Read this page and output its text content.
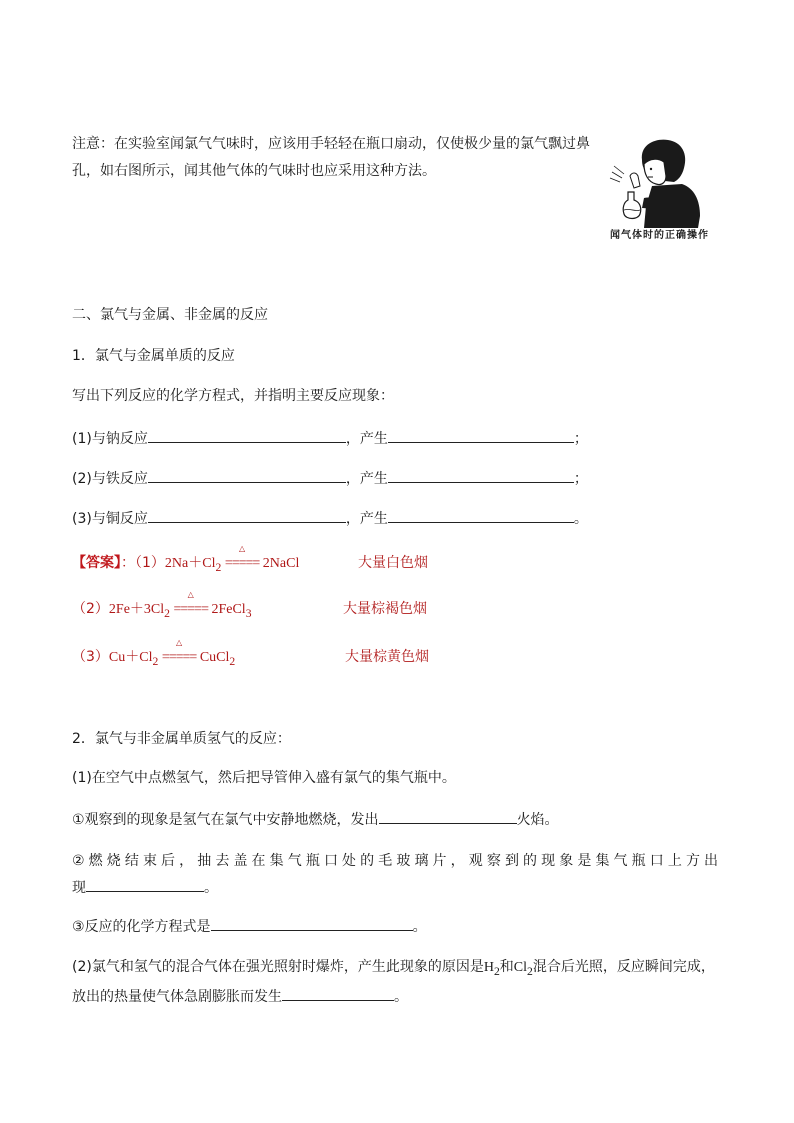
注意：在实验室闻氯气气味时，应该用手轻轻在瓶口扇动，仅使极少量的氯气飘过鼻孔，如右图所示，闻其他气体的气味时也应采用这种方法。
闻气体时的正确操作
二、氯气与金属、非金属的反应
1．氯气与金属单质的反应
写出下列反应的化学方程式，并指明主要反应现象：
(1)与钠反应	，产生	；
(2)与铁反应	，产生	；
(3)与铜反应	，产生	。
【答案】：$(1)2Na+Cl_2$
△
===== 2NaCl	大量白色烟
$(2)2Fe+3Cl_2$
△
===== 2FeCl$_3$	大量棕褐色烟
$(3)Cu+Cl_2$
△
===== CuCl$_2$	大量棕黄色烟
2．氯气与非金属单质氢气的反应：
(1)在空气中点燃氢气，然后把导管伸入盛有氯气的集气瓶中。
①观察到的现象是氢气在氯气中安静地燃烧，发出	火焰。
②燃烧结束后，抽去盖在集气瓶口处的毛玻璃片，观察到的现象是集气瓶口上方出
现	。
③反应的化学方程式是	。
(2)氯气和氢气的混合气体在强光照射时爆炸，产生此现象的原因是$H_2$和$Cl_2$混合后光照，反应瞬间完成，
放出的热量使气体急剧膨胀而发生	。
